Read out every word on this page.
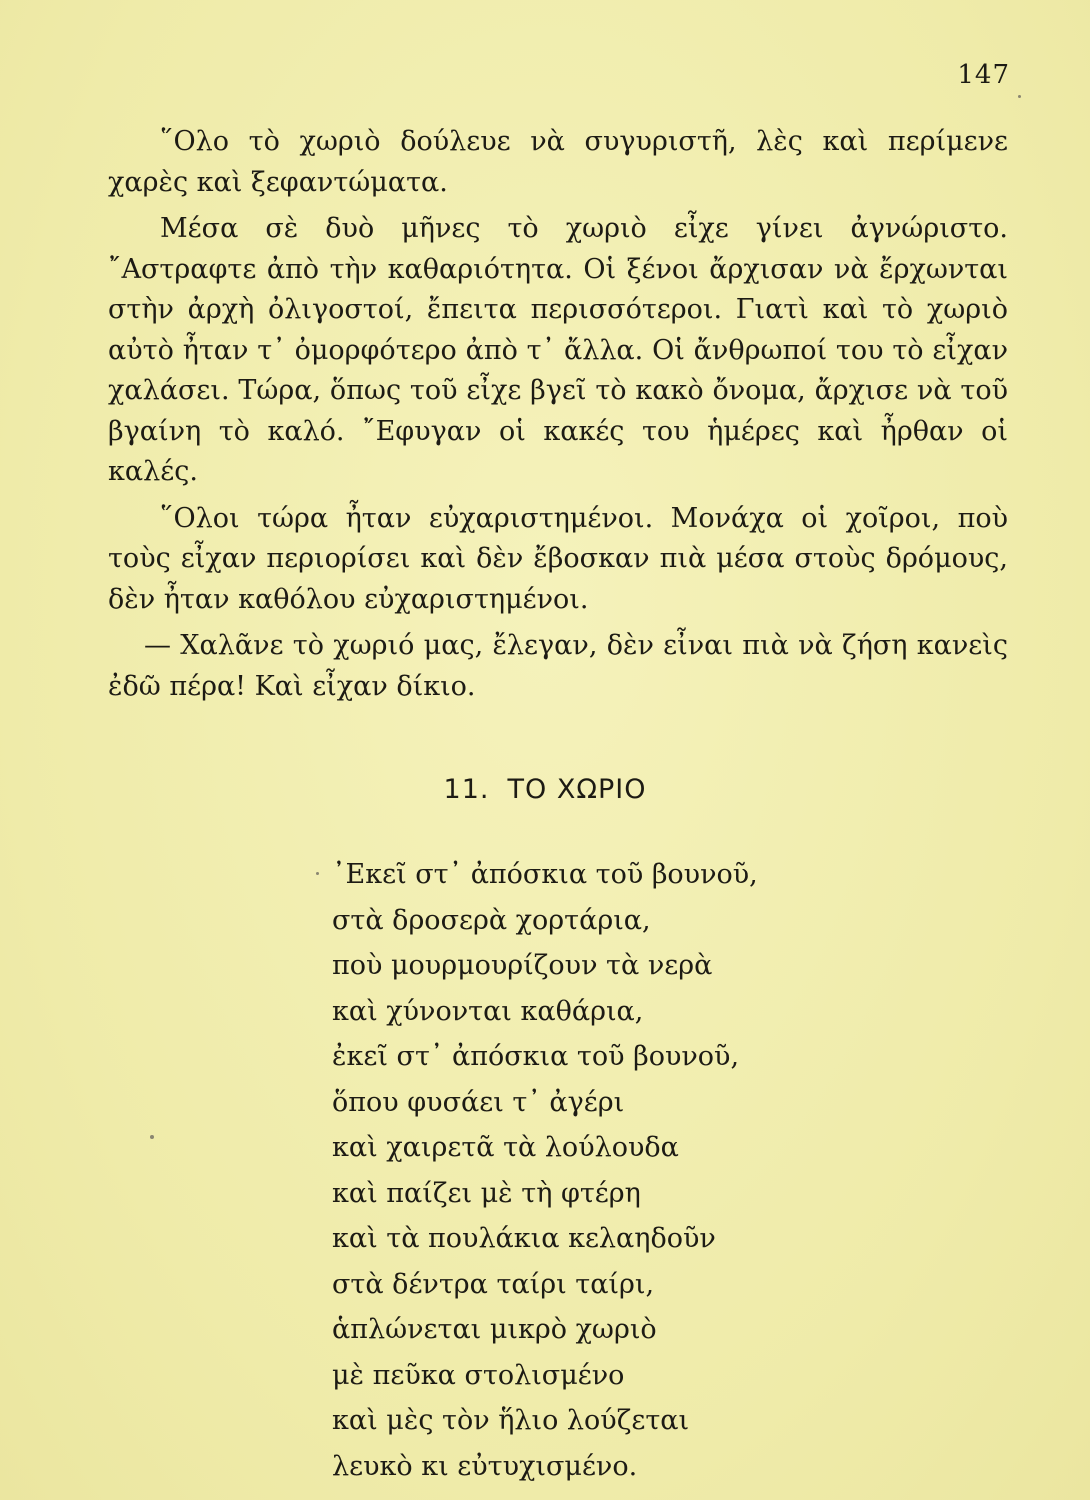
147

῞Ολο τὸ χωριὸ δούλευε νὰ συγυριστῆ, λὲς καὶ περίμενε χαρὲς καὶ ξεφαντώματα.

Μέσα σὲ δυὸ μῆνες τὸ χωριὸ εἶχε γίνει ἀγνώριστο. ῎Αστραφτε ἀπὸ τὴν καθαριότητα. Οἱ ξένοι ἄρχισαν νὰ ἔρχωνται στὴν ἀρχὴ ὀλιγοστοί, ἔπειτα περισσότεροι. Γιατὶ καὶ τὸ χωριὸ αὐτὸ ἦταν τ᾿ ὀμορφότερο ἀπὸ τ᾿ ἄλλα. Οἱ ἄνθρωποί του τὸ εἶχαν χαλάσει. Τώρα, ὅπως τοῦ εἶχε βγεῖ τὸ κακὸ ὄνομα, ἄρχισε νὰ τοῦ βγαίνη τὸ καλό. ῎Εφυγαν οἱ κακές του ἡμέρες καὶ ἦρθαν οἱ καλές.

῞Ολοι τώρα ἦταν εὐχαριστημένοι. Μονάχα οἱ χοῖροι, ποὺ τοὺς εἶχαν περιορίσει καὶ δὲν ἔβοσκαν πιὰ μέσα στοὺς δρόμους, δὲν ἦταν καθόλου εὐχαριστημένοι.

— Χαλᾶνε τὸ χωριό μας, ἔλεγαν, δὲν εἶναι πιὰ νὰ ζήση κανεὶς ἐδῶ πέρα! Καὶ εἶχαν δίκιο.

11. ΤΟ ΧΩΡΙΟ
᾿Εκεῖ στ᾿ ἀπόσκια τοῦ βουνοῦ,
στὰ δροσερὰ χορτάρια,
ποὺ μουρμουρίζουν τὰ νερὰ
καὶ χύνονται καθάρια,
ἐκεῖ στ᾿ ἀπόσκια τοῦ βουνοῦ,
ὅπου φυσάει τ᾿ ἀγέρι
καὶ χαιρετᾶ τὰ λούλουδα
καὶ παίζει μὲ τὴ φτέρη
καὶ τὰ πουλάκια κελαηδοῦν
στὰ δέντρα ταίρι ταίρι,
ἁπλώνεται μικρὸ χωριὸ
μὲ πεῦκα στολισμένο
καὶ μὲς τὸν ἥλιο λούζεται
λευκὸ κι εὐτυχισμένο.
